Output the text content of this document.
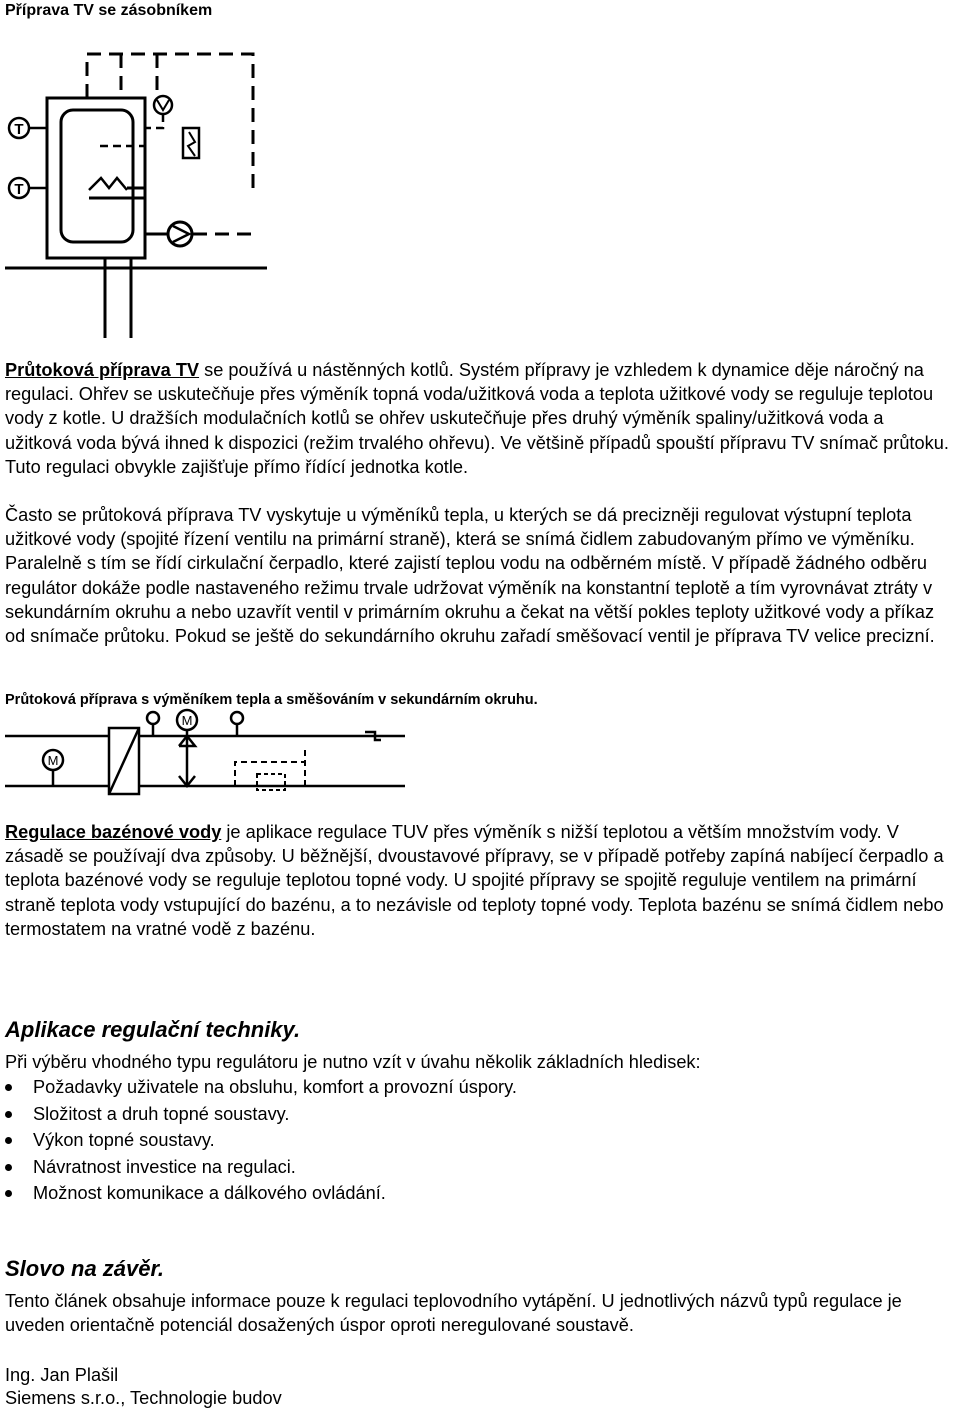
Příprava TV se zásobníkem
T
T

Průtoková příprava TV se používá u nástěnných kotlů. Systém přípravy je vzhledem k dynamice děje náročný na regulaci. Ohřev se uskutečňuje přes výměník topná voda/užitková voda a teplota užitkové vody se reguluje teplotou vody z kotle. U dražších modulačních kotlů se ohřev uskutečňuje přes druhý výměník spaliny/užitková voda a užitková voda bývá ihned k dispozici (režim trvalého ohřevu). Ve většině případů spouští přípravu TV snímač průtoku. Tuto regulaci obvykle zajišťuje přímo řídící jednotka kotle.

Často se průtoková příprava TV vyskytuje u výměníků tepla, u kterých se dá precizněji regulovat výstupní teplota užitkové vody (spojité řízení ventilu na primární straně), která se snímá čidlem zabudovaným přímo ve výměníku. Paralelně s tím se řídí cirkulační čerpadlo, které zajistí teplou vodu na odběrném místě. V případě žádného odběru regulátor dokáže podle nastaveného režimu trvale udržovat výměník na konstantní teplotě a tím vyrovnávat ztráty v sekundárním okruhu a nebo uzavřít ventil v primárním okruhu a čekat na větší pokles teploty užitkové vody a příkaz od snímače průtoku. Pokud se ještě do sekundárního okruhu zařadí směšovací ventil je příprava TV velice precizní.

Průtoková příprava s výměníkem tepla a směšováním v sekundárním okruhu.
M
M

Regulace bazénové vody je aplikace regulace TUV přes výměník s nižší teplotou a větším množstvím vody. V zásadě se používají dva způsoby. U běžnější, dvoustavové přípravy, se v případě potřeby zapíná nabíjecí čerpadlo a teplota bazénové vody se reguluje teplotou topné vody. U spojité přípravy se spojitě reguluje ventilem na primární straně teplota vody vstupující do bazénu, a to nezávisle od teploty topné vody. Teplota bazénu se snímá čidlem nebo termostatem na vratné vodě z bazénu.

Aplikace regulační techniky.

Při výběru vhodného typu regulátoru je nutno vzít v úvahu několik základních hledisek:

Požadavky uživatele na obsluhu, komfort a provozní úspory.
Složitost a druh topné soustavy.
Výkon topné soustavy.
Návratnost investice na regulaci.
Možnost komunikace a dálkového ovládání.
Slovo na závěr.

Tento článek obsahuje informace pouze k regulaci teplovodního vytápění. U jednotlivých názvů typů regulace je uveden orientačně potenciál dosažených úspor oproti neregulované soustavě.

Ing. Jan Plašil

Siemens s.r.o., Technologie budov
